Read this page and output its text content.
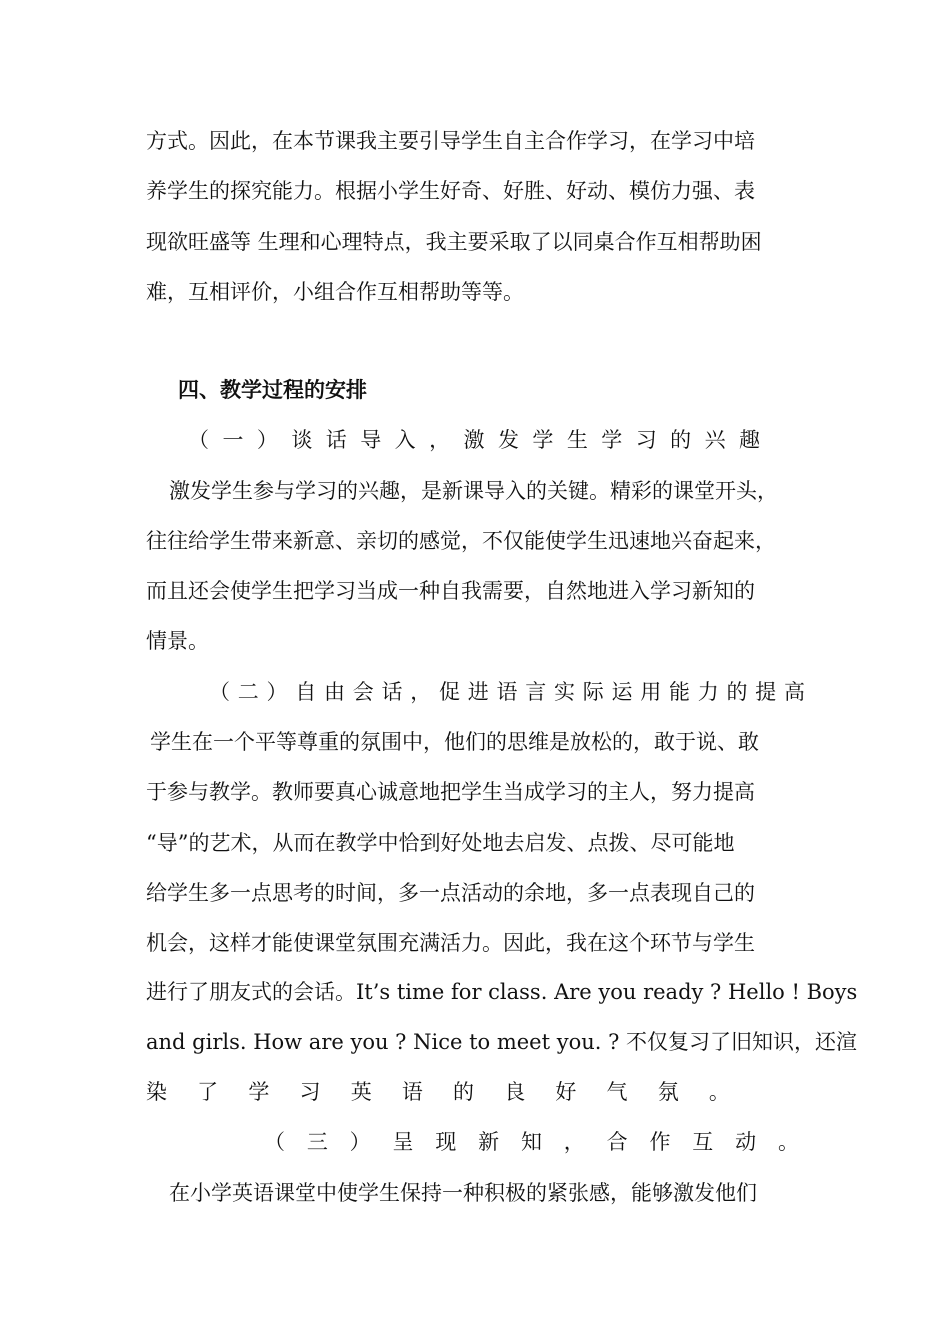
方式。因此，在本节课我主要引导学生自主合作学习，在学习中培
养学生的探究能力。根据小学生好奇、好胜、好动、模仿力强、表
现欲旺盛等 生理和心理特点，我主要采取了以同桌合作互相帮助困
难，互相评价，小组合作互相帮助等等。
四、教学过程的安排
（ 一 ） 谈 话 导 入 ， 激 发 学 生 学 习 的 兴 趣
激发学生参与学习的兴趣，是新课导入的关键。精彩的课堂开头，
往往给学生带来新意、亲切的感觉，不仅能使学生迅速地兴奋起来，
而且还会使学生把学习当成一种自我需要，自然地进入学习新知的
情景。
（ 二 ） 自 由 会 话 ， 促 进 语 言 实 际 运 用 能 力 的 提 高
学生在一个平等尊重的氛围中，他们的思维是放松的，敢于说、敢
于参与教学。教师要真心诚意地把学生当成学习的主人，努力提高
“导”的艺术，从而在教学中恰到好处地去启发、点拨、尽可能地
给学生多一点思考的时间，多一点活动的余地，多一点表现自己的
机会，这样才能使课堂氛围充满活力。因此，我在这个环节与学生
进行了朋友式的会话。It’s time for class. Are you ready ? Hello ! Boys
and girls. How are you ? Nice to meet you. ? 不仅复习了旧知识，还渲
染 了 学 习 英 语 的 良 好 气 氛 。
（ 三 ） 呈 现 新 知 ， 合 作 互 动 。
在小学英语课堂中使学生保持一种积极的紧张感，能够激发他们
